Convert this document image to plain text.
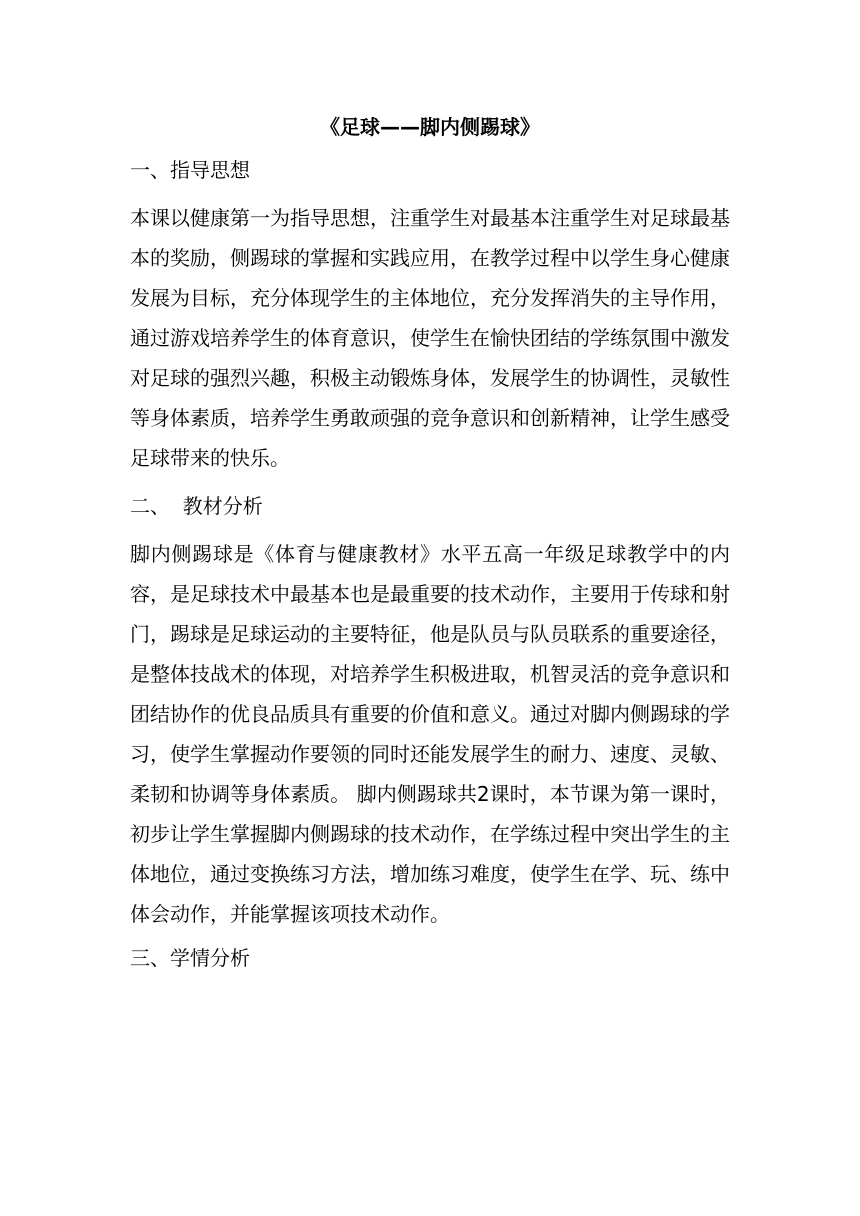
《足球——脚内侧踢球》
一、指导思想
本课以健康第一为指导思想，注重学生对最基本注重学生对足球最基本的奖励，侧踢球的掌握和实践应用，在教学过程中以学生身心健康发展为目标，充分体现学生的主体地位，充分发挥消失的主导作用，通过游戏培养学生的体育意识，使学生在愉快团结的学练氛围中激发对足球的强烈兴趣，积极主动锻炼身体，发展学生的协调性，灵敏性等身体素质，培养学生勇敢顽强的竞争意识和创新精神，让学生感受足球带来的快乐。
二、  教材分析
脚内侧踢球是《体育与健康教材》水平五高一年级足球教学中的内容，是足球技术中最基本也是最重要的技术动作，主要用于传球和射门，踢球是足球运动的主要特征，他是队员与队员联系的重要途径，是整体技战术的体现，对培养学生积极进取，机智灵活的竞争意识和团结协作的优良品质具有重要的价值和意义。通过对脚内侧踢球的学习，使学生掌握动作要领的同时还能发展学生的耐力、速度、灵敏、柔韧和协调等身体素质。 脚内侧踢球共2课时，本节课为第一课时，初步让学生掌握脚内侧踢球的技术动作，在学练过程中突出学生的主体地位，通过变换练习方法，增加练习难度，使学生在学、玩、练中体会动作，并能掌握该项技术动作。
三、学情分析
